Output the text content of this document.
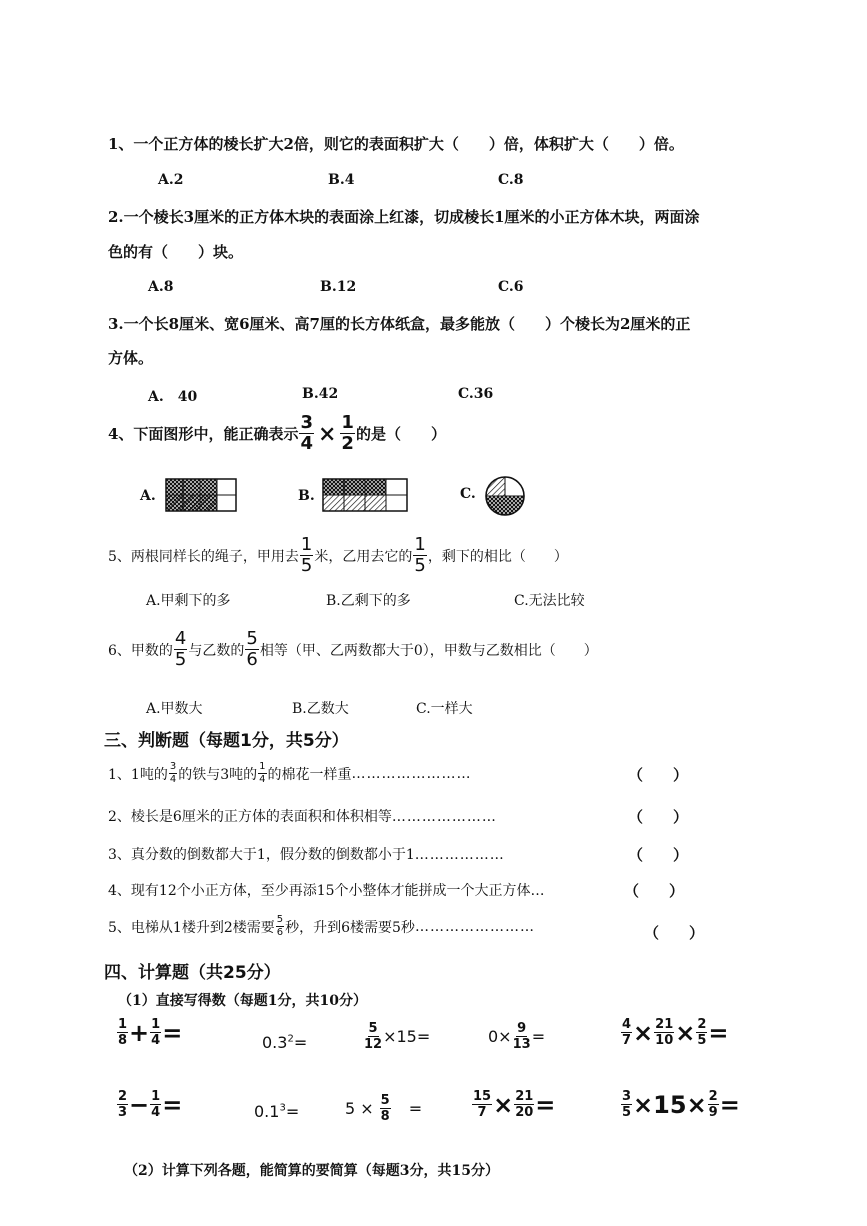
1、一个正方体的棱长扩大2倍，则它的表面积扩大（　　）倍，体积扩大（　　）倍。
A.2	B.4	C.8
2.一个棱长3厘米的正方体木块的表面涂上红漆，切成棱长1厘米的小正方体木块，两面涂
色的有（　　）块。
A.8	B.12	C.6
3.一个长8厘米、宽6厘米、高7厘的长方体纸盒，最多能放（　　）个棱长为2厘米的正
方体。
A.　40	B.42	C.36
4、下面图形中，能正确表示 $\frac{3}{4} \times \frac{1}{2}$ 的是（　　）
A.	B.	C.
5、两根同样长的绳子，甲用去 $\frac{1}{5}$ 米，乙用去它的 $\frac{1}{5}$ ，剩下的相比（　　）
A.甲剩下的多	B.乙剩下的多	C.无法比较
6、甲数的 $\frac{4}{5}$ 与乙数的 $\frac{5}{6}$ 相等（甲、乙两数都大于0），甲数与乙数相比（　　）
A.甲数大	B.乙数大	C.一样大
三、判断题（每题1分，共5分）
1、1吨的 $\frac{3}{4}$ 的铁与3吨的 $\frac{1}{4}$ 的棉花一样重 ……………………	（　　）
2、棱长是6厘米的正方体的表面积和体积相等…………………	（　　）
3、真分数的倒数都大于1，假分数的倒数都小于1………………	（　　）
4、现有12个小正方体，至少再添15个小整体才能拼成一个大正方体…	（　　）
5、电梯从1楼升到2楼需要 $\frac{5}{6}$ 秒，升到6楼需要5秒 ……………………	（　　）
四、计算题（共25分）
（1）直接写得数（每题1分，共10分）
$\frac{1}{8} + \frac{1}{4}$ =	$0.3^2=$	$\frac{5}{12} \times 15=$	$0\times \frac{9}{13}$ =	$\frac{4}{7} \times \frac{21}{10} \times \frac{2}{5}$ =
$\frac{2}{3} - \frac{1}{4}$ =	$0.1^3=$	$5 \times \frac{5}{8}$ =	$\frac{15}{7} \times \frac{21}{20}$ =	$\frac{3}{5} \times 15 \times \frac{2}{9}$ =
（2）计算下列各题，能简算的要简算（每题3分，共15分）
